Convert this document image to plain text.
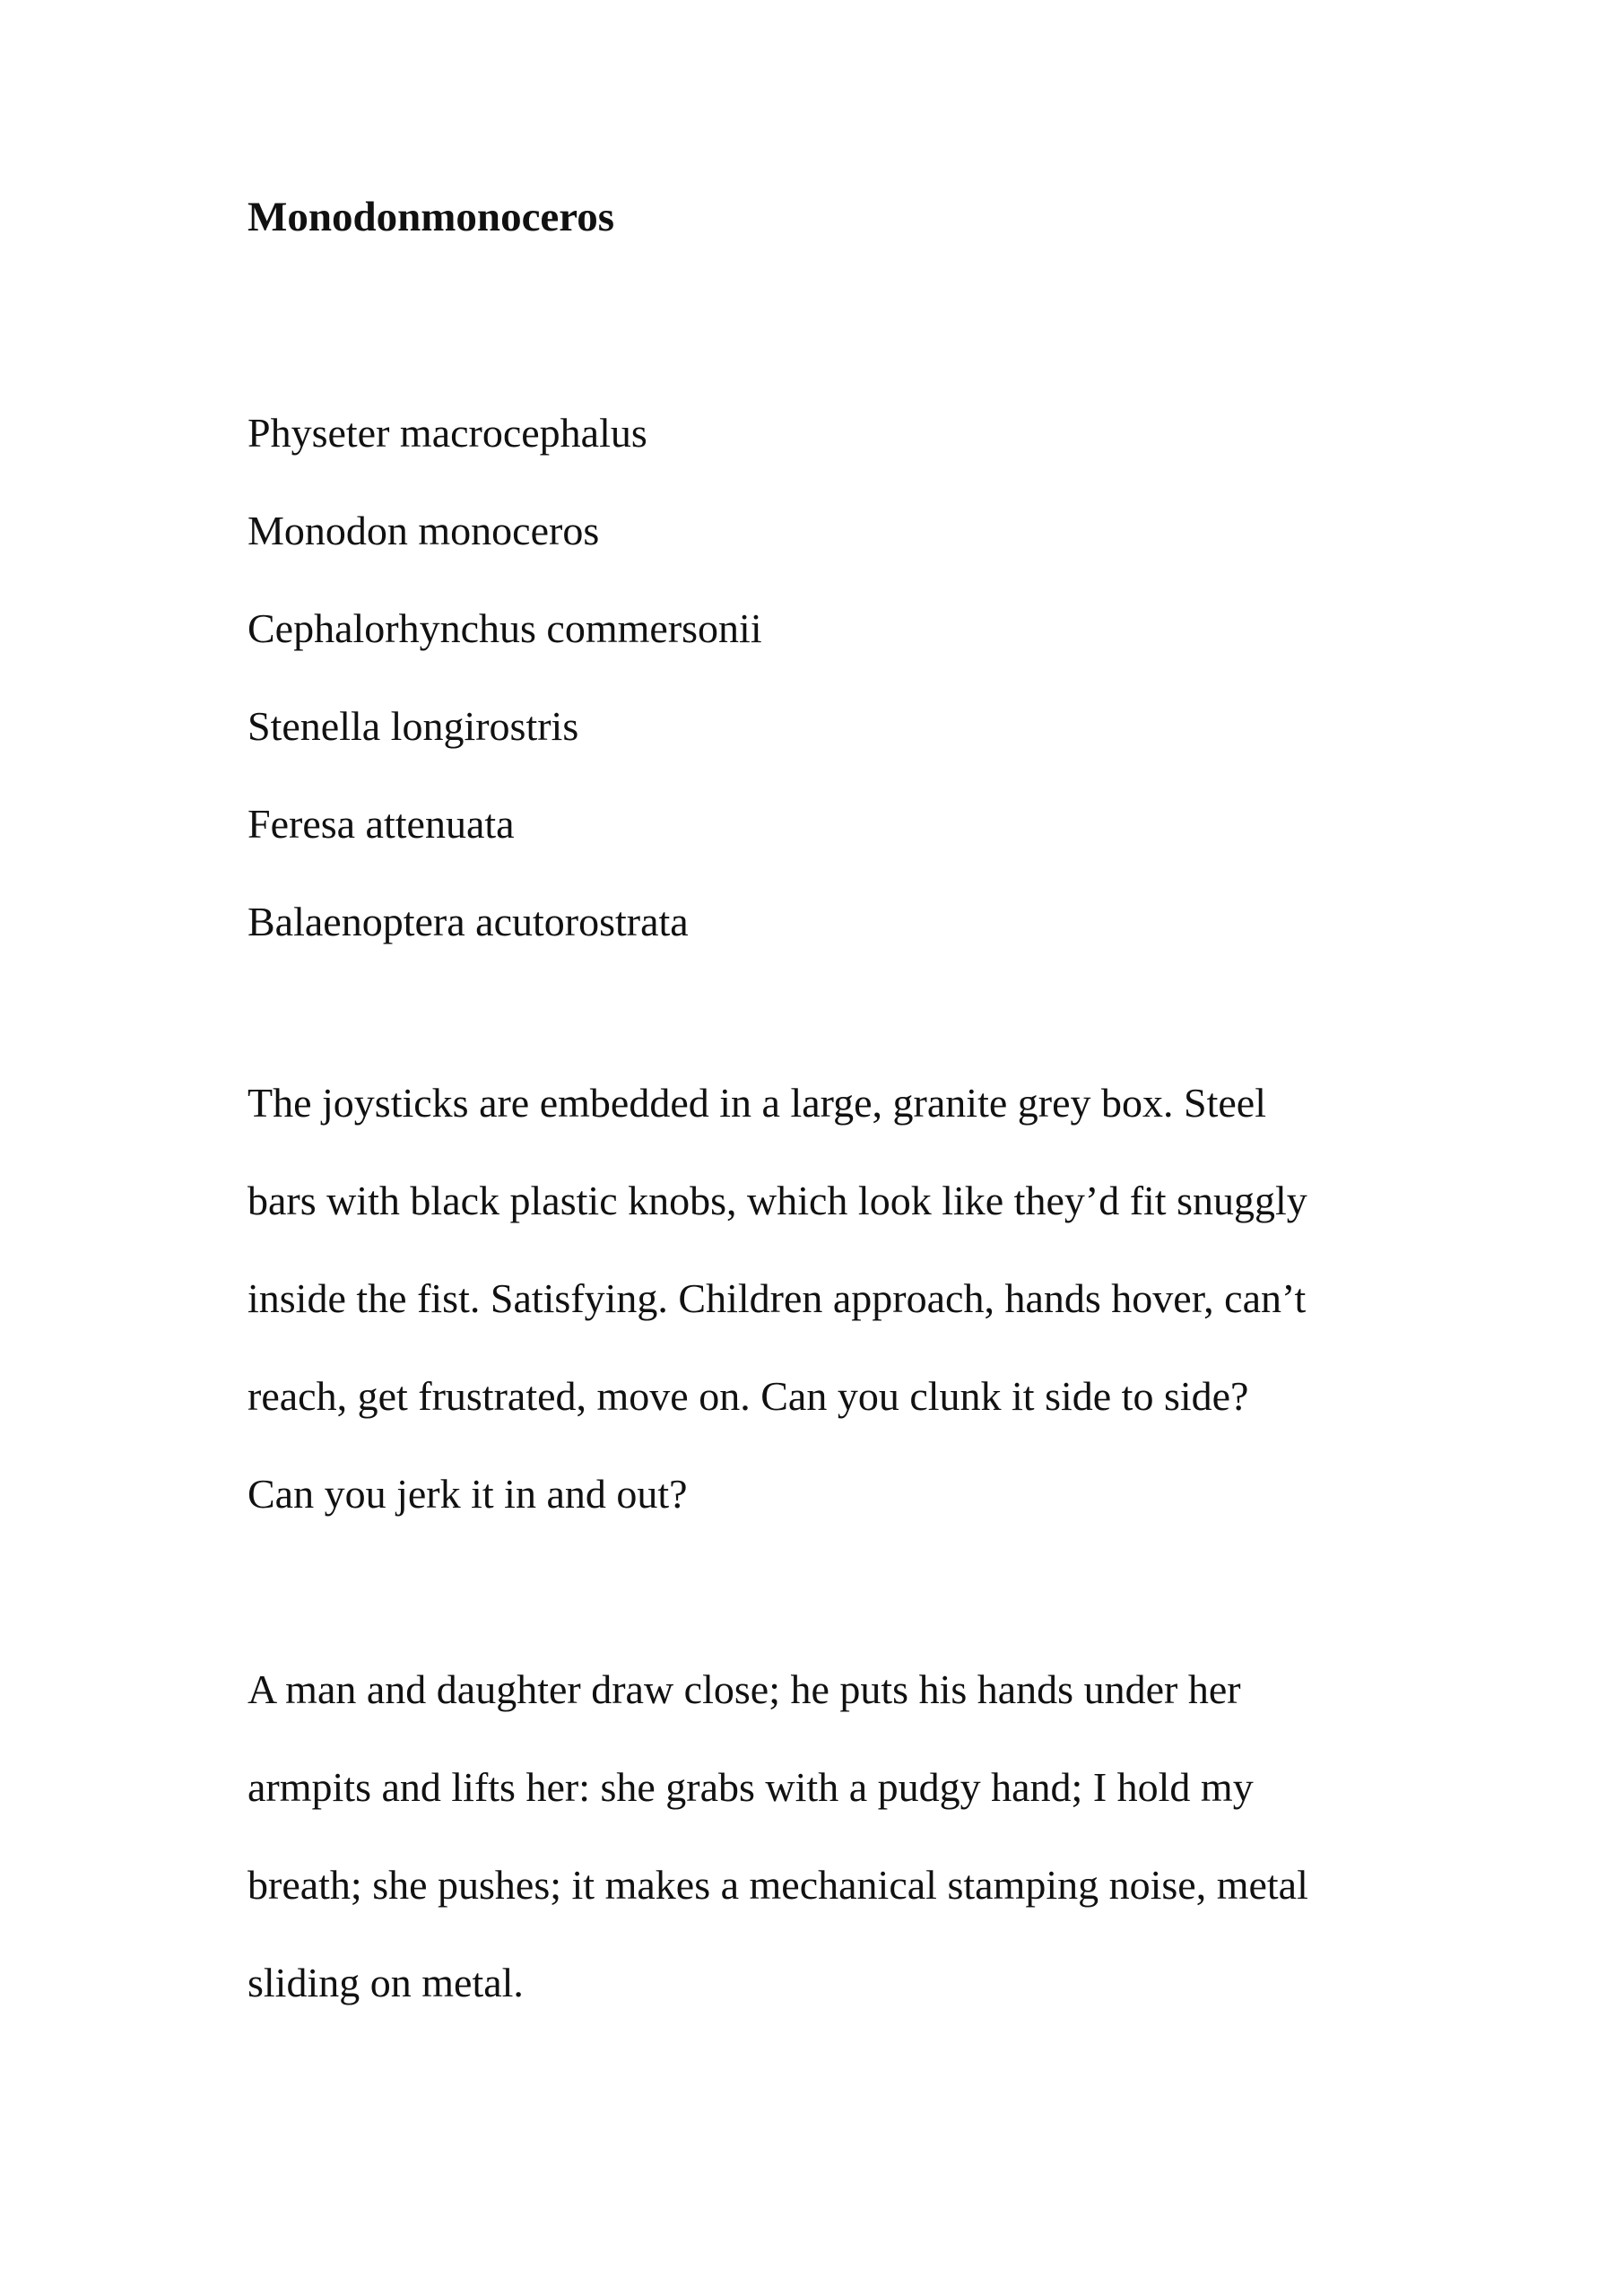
Monodonmonoceros
Physeter macrocephalus
Monodon monoceros
Cephalorhynchus commersonii
Stenella longirostris
Feresa attenuata
Balaenoptera acutorostrata

The joysticks are embedded in a large, granite grey box. Steel
bars with black plastic knobs, which look like they’d fit snuggly
inside the fist. Satisfying. Children approach, hands hover, can’t
reach, get frustrated, move on. Can you clunk it side to side?
Can you jerk it in and out?

A man and daughter draw close; he puts his hands under her
armpits and lifts her: she grabs with a pudgy hand; I hold my
breath; she pushes; it makes a mechanical stamping noise, metal
sliding on metal.
